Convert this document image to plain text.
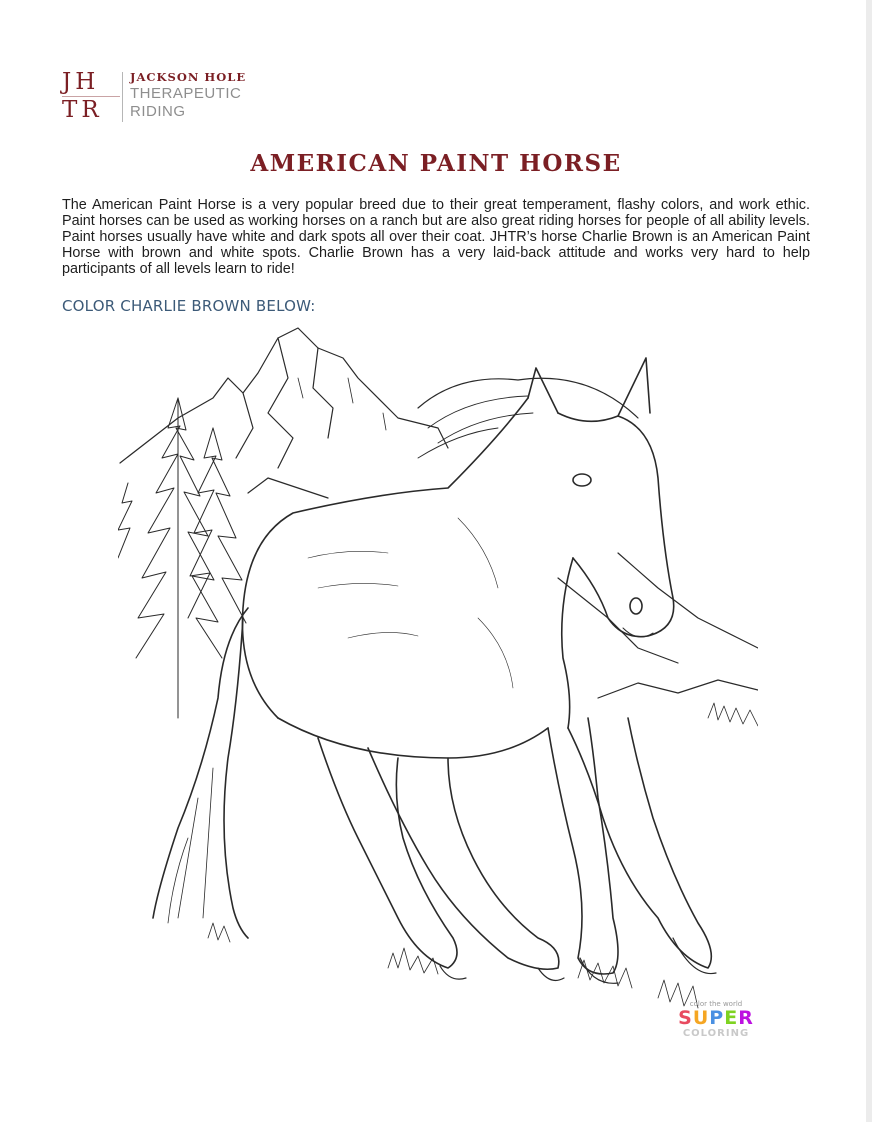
JH
TR
JACKSON HOLE
THERAPEUTIC
RIDING
AMERICAN PAINT HORSE
The American Paint Horse is a very popular breed due to their great temperament, flashy colors, and work ethic. Paint horses can be used as working horses on a ranch but are also great riding horses for people of all ability levels. Paint horses usually have white and dark spots all over their coat. JHTR’s horse Charlie Brown is an American Paint Horse with brown and white spots. Charlie Brown has a very laid-back attitude and works very hard to help participants of all levels learn to ride!
COLOR CHARLIE BROWN BELOW:
color the world
SUPER
COLORING
